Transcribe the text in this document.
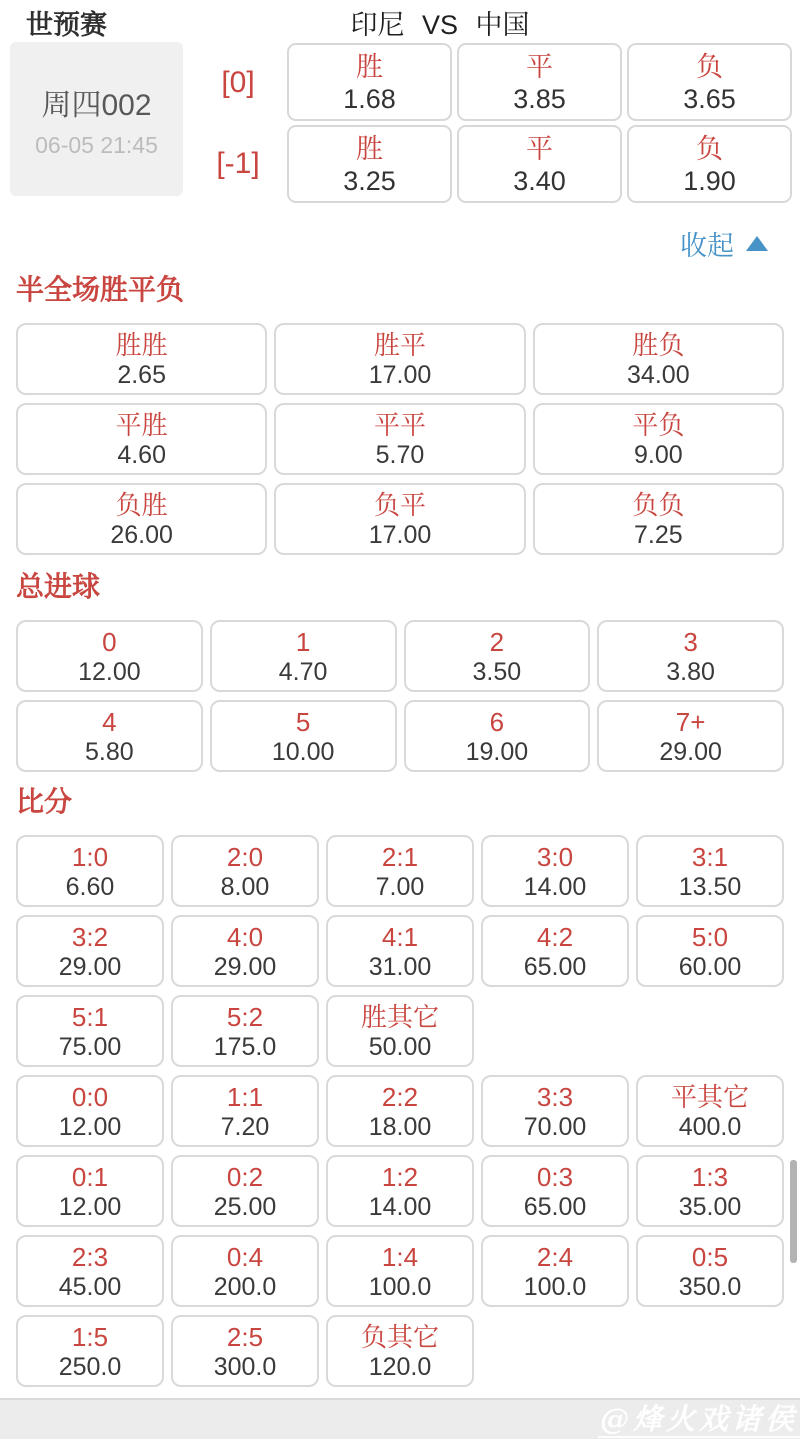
世预赛	印尼 VS 中国
周四002
06-05 21:45
[0]
[-1]
胜
1.68
平
3.85
负
3.65
胜
3.25
平
3.40
负
1.90
收起
半全场胜平负
胜胜
2.65
胜平
17.00
胜负
34.00
平胜
4.60
平平
5.70
平负
9.00
负胜
26.00
负平
17.00
负负
7.25
总进球
0
12.00
1
4.70
2
3.50
3
3.80
4
5.80
5
10.00
6
19.00
7+
29.00
比分
1:0
6.60
2:0
8.00
2:1
7.00
3:0
14.00
3:1
13.50
3:2
29.00
4:0
29.00
4:1
31.00
4:2
65.00
5:0
60.00
5:1
75.00
5:2
175.0
胜其它
50.00
0:0
12.00
1:1
7.20
2:2
18.00
3:3
70.00
平其它
400.0
0:1
12.00
0:2
25.00
1:2
14.00
0:3
65.00
1:3
35.00
2:3
45.00
0:4
200.0
1:4
100.0
2:4
100.0
0:5
350.0
1:5
250.0
2:5
300.0
负其它
120.0
@烽火戏诸侯
